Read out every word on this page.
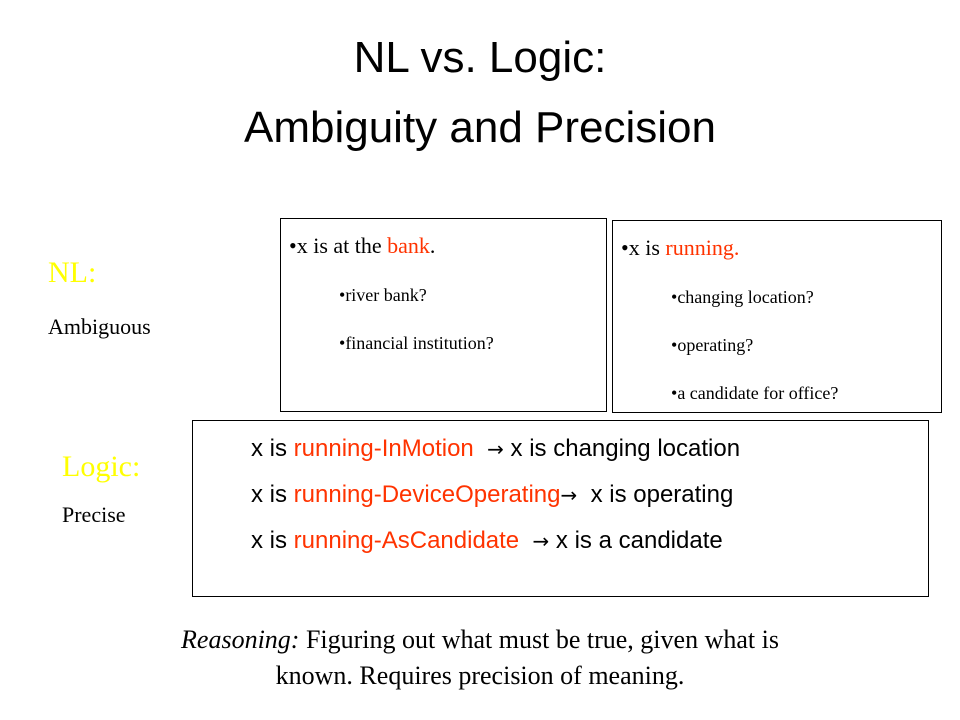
NL vs. Logic:
Ambiguity and Precision
NL:
Ambiguous
•x is at the bank.
•river bank?
•financial institution?
•x is running.
•changing location?
•operating?
•a candidate for office?
Logic:
Precise
x is running-InMotion → x is changing location
x is running-DeviceOperating→  x is operating
x is running-AsCandidate → x is a candidate
Reasoning: Figuring out what must be true, given what is
known. Requires precision of meaning.
